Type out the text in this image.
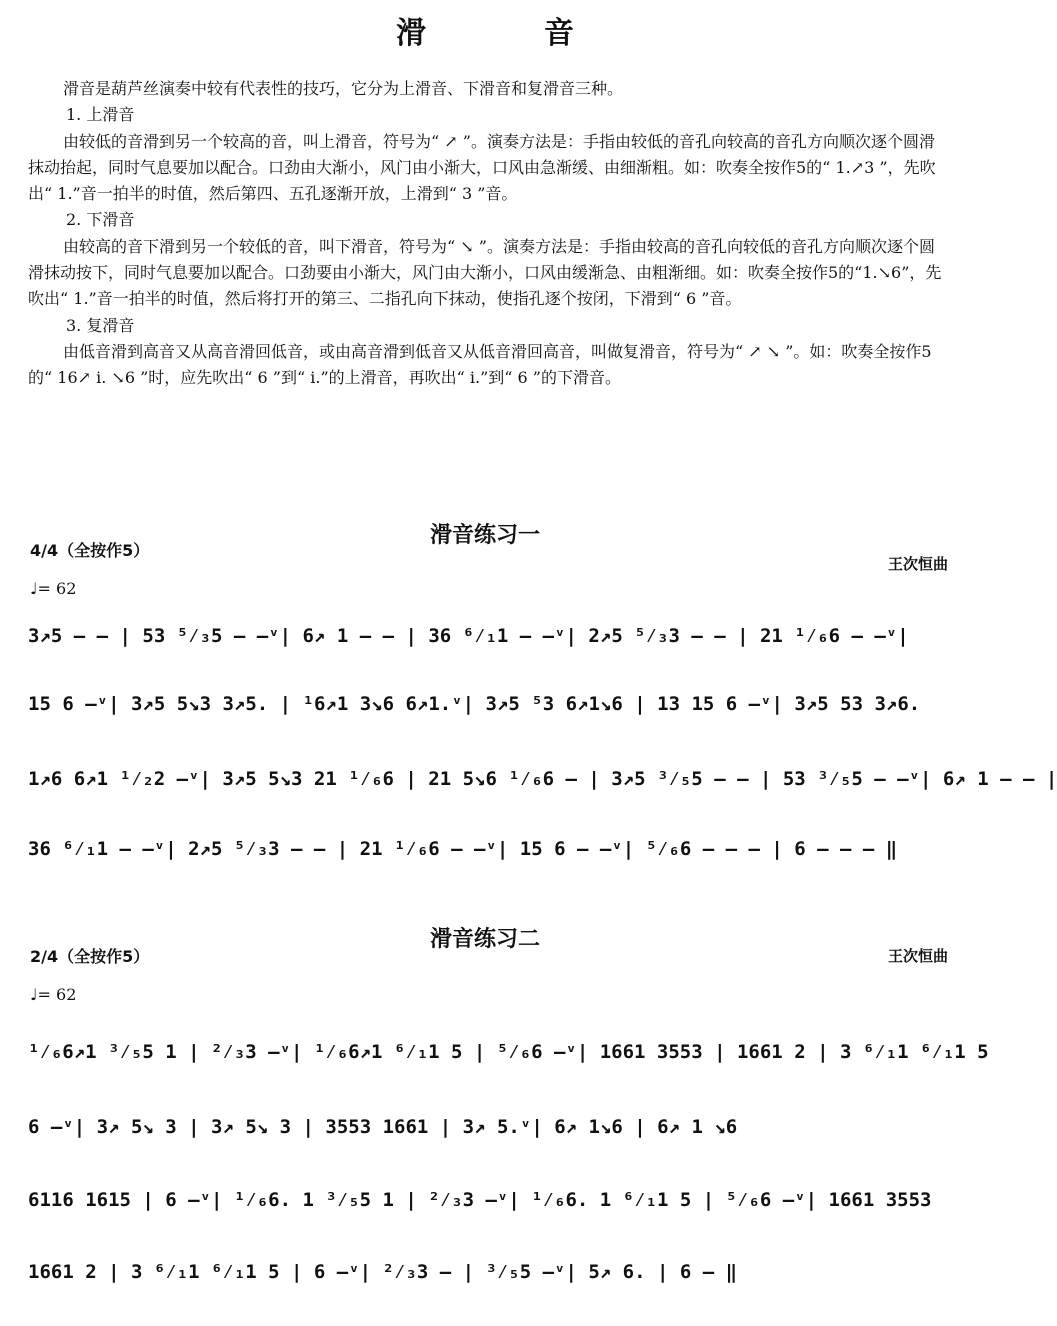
滑　音

滑音是葫芦丝演奏中较有代表性的技巧，它分为上滑音、下滑音和复滑音三种。

1. 上滑音

由较低的音滑到另一个较高的音，叫上滑音，符号为“ ↗ ”。演奏方法是：手指由较低的音孔向较高的音孔方向顺次逐个圆滑抹动抬起，同时气息要加以配合。口劲由大渐小，风门由小渐大，口风由急渐缓、由细渐粗。如：吹奏全按作5的“ 1.↗3 ”，先吹出“ 1.”音一拍半的时值，然后第四、五孔逐渐开放，上滑到“ 3 ”音。

2. 下滑音

由较高的音下滑到另一个较低的音，叫下滑音，符号为“ ↘ ”。演奏方法是：手指由较高的音孔向较低的音孔方向顺次逐个圆滑抹动按下，同时气息要加以配合。口劲要由小渐大，风门由大渐小，口风由缓渐急、由粗渐细。如：吹奏全按作5的“1.↘6”，先吹出“ 1.”音一拍半的时值，然后将打开的第三、二指孔向下抹动，使指孔逐个按闭，下滑到“ 6 ”音。

3. 复滑音

由低音滑到高音又从高音滑回低音，或由高音滑到低音又从低音滑回高音，叫做复滑音，符号为“ ↗ ↘ ”。如：吹奏全按作5的“ 16↗ i. ↘6 ”时，应先吹出“ 6 ”到“ i.”的上滑音，再吹出“ i.”到“ 6 ”的下滑音。

滑音练习一
4/4（全按作5）
王次恒曲
♩= 62
3↗5 – – | 53 ⁵⁄₃5 – –ᵛ| 6↗ 1 – – | 36 ⁶⁄₁1 – –ᵛ| 2↗5 ⁵⁄₃3 – – | 21 ¹⁄₆6 – –ᵛ|
15 6 –ᵛ| 3↗5 5↘3 3↗5. | ¹6↗1 3↘6 6↗1.ᵛ| 3↗5 ⁵3 6↗1↘6 | 13 15 6 –ᵛ| 3↗5 53 3↗6.
1↗6 6↗1 ¹⁄₂2 –ᵛ| 3↗5 5↘3 21 ¹⁄₆6 | 21 5↘6 ¹⁄₆6 – | 3↗5 ³⁄₅5 – – | 53 ³⁄₅5 – –ᵛ| 6↗ 1 – – |
36 ⁶⁄₁1 – –ᵛ| 2↗5 ⁵⁄₃3 – – | 21 ¹⁄₆6 – –ᵛ| 15 6 – –ᵛ| ⁵⁄₆6 – – – | 6 – – – ‖
滑音练习二
2/4（全按作5）	王次恒曲
♩= 62
¹⁄₆6↗1 ³⁄₅5 1 | ²⁄₃3 –ᵛ| ¹⁄₆6↗1 ⁶⁄₁1 5 | ⁵⁄₆6 –ᵛ| 1661 3553 | 1661 2 | 3 ⁶⁄₁1 ⁶⁄₁1 5
6 –ᵛ| 3↗ 5↘ 3 | 3↗ 5↘ 3 | 3553 1661 | 3↗ 5.ᵛ| 6↗ 1↘6 | 6↗ 1 ↘6
6116 1615 | 6 –ᵛ| ¹⁄₆6. 1 ³⁄₅5 1 | ²⁄₃3 –ᵛ| ¹⁄₆6. 1 ⁶⁄₁1 5 | ⁵⁄₆6 –ᵛ| 1661 3553
1661 2 | 3 ⁶⁄₁1 ⁶⁄₁1 5 | 6 –ᵛ| ²⁄₃3 – | ³⁄₅5 –ᵛ| 5↗ 6. | 6 – ‖
